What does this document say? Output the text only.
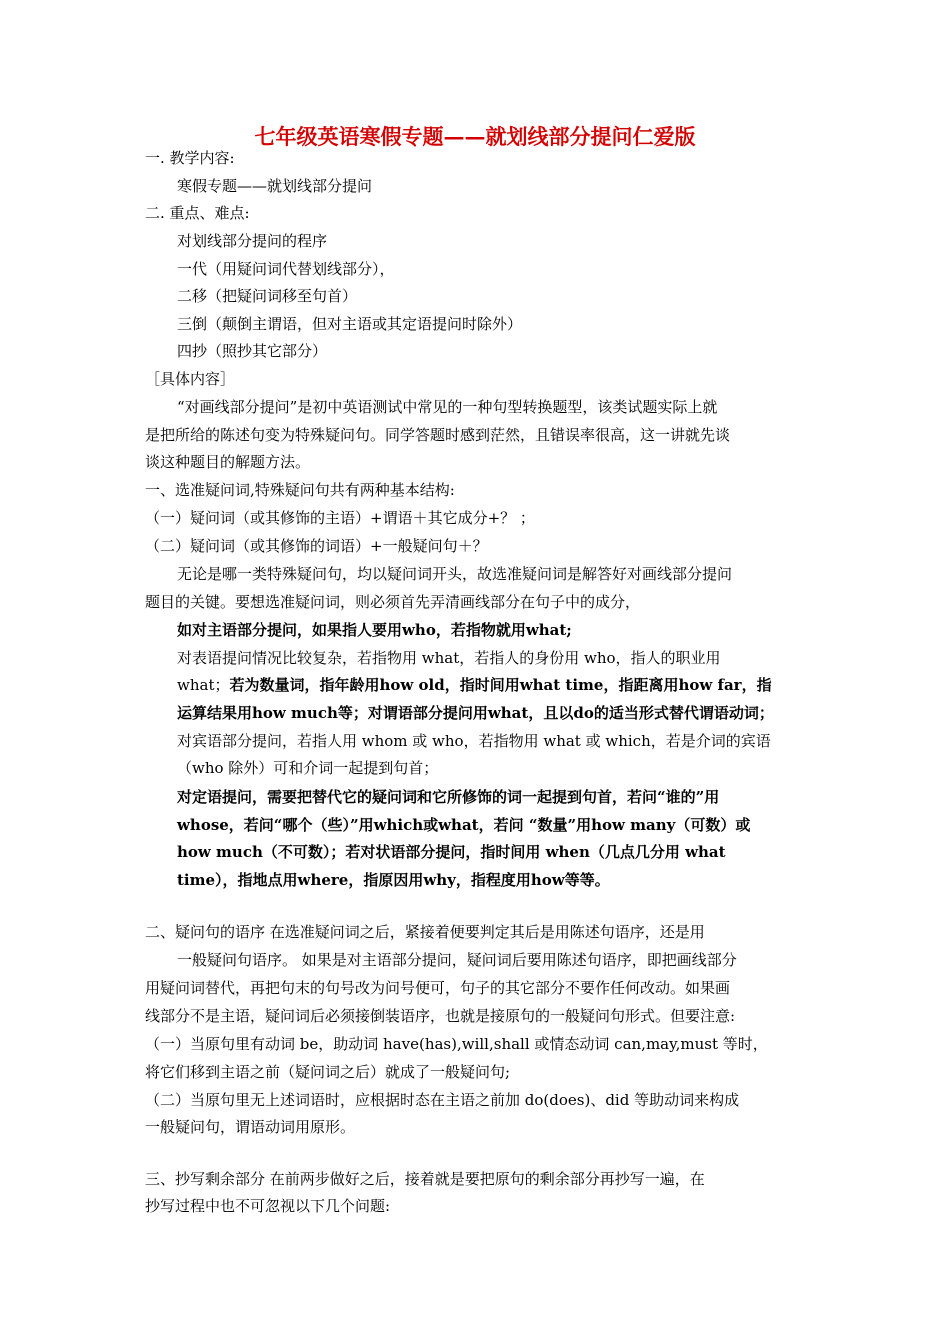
七年级英语寒假专题——就划线部分提问仁爱版
一. 教学内容:
寒假专题——就划线部分提问
二. 重点、难点:
对划线部分提问的程序
一代（用疑问词代替划线部分），
二移（把疑问词移至句首）
三倒（颠倒主谓语，但对主语或其定语提问时除外）
四抄（照抄其它部分）
［具体内容］
“对画线部分提问”是初中英语测试中常见的一种句型转换题型，该类试题实际上就
是把所给的陈述句变为特殊疑问句。同学答题时感到茫然，且错误率很高，这一讲就先谈
谈这种题目的解题方法。
一、选准疑问词,特殊疑问句共有两种基本结构:
（一）疑问词（或其修饰的主语）+谓语＋其它成分+？ ；
（二）疑问词（或其修饰的词语）+一般疑问句＋？
无论是哪一类特殊疑问句，均以疑问词开头，故选准疑问词是解答好对画线部分提问
题目的关键。要想选准疑问词，则必须首先弄清画线部分在句子中的成分，
如对主语部分提问，如果指人要用who，若指物就用what;
对表语提问情况比较复杂，若指物用 what，若指人的身份用 who，指人的职业用
what；若为数量词，指年龄用how old，指时间用what time，指距离用how far，指
运算结果用how much等；对谓语部分提问用what，且以do的适当形式替代谓语动词；
对宾语部分提问，若指人用 whom 或 who，若指物用 what 或 which，若是介词的宾语
（who 除外）可和介词一起提到句首；
对定语提问，需要把替代它的疑问词和它所修饰的词一起提到句首，若问“谁的”用
whose，若问“哪个（些）”用which或what，若问 “数量”用how many（可数）或
how much（不可数）；若对状语部分提问，指时间用 when（几点几分用 what
time），指地点用where，指原因用why，指程度用how等等。
二、疑问句的语序 在选准疑问词之后，紧接着便要判定其后是用陈述句语序，还是用
一般疑问句语序。 如果是对主语部分提问，疑问词后要用陈述句语序，即把画线部分
用疑问词替代，再把句末的句号改为问号便可，句子的其它部分不要作任何改动。如果画
线部分不是主语，疑问词后必须接倒装语序，也就是接原句的一般疑问句形式。但要注意:
（一）当原句里有动词 be，助动词 have(has),will,shall 或情态动词 can,may,must 等时，
将它们移到主语之前（疑问词之后）就成了一般疑问句;
（二）当原句里无上述词语时，应根据时态在主语之前加 do(does)、did 等助动词来构成
一般疑问句，谓语动词用原形。
三、抄写剩余部分 在前两步做好之后，接着就是要把原句的剩余部分再抄写一遍，在
抄写过程中也不可忽视以下几个问题:
